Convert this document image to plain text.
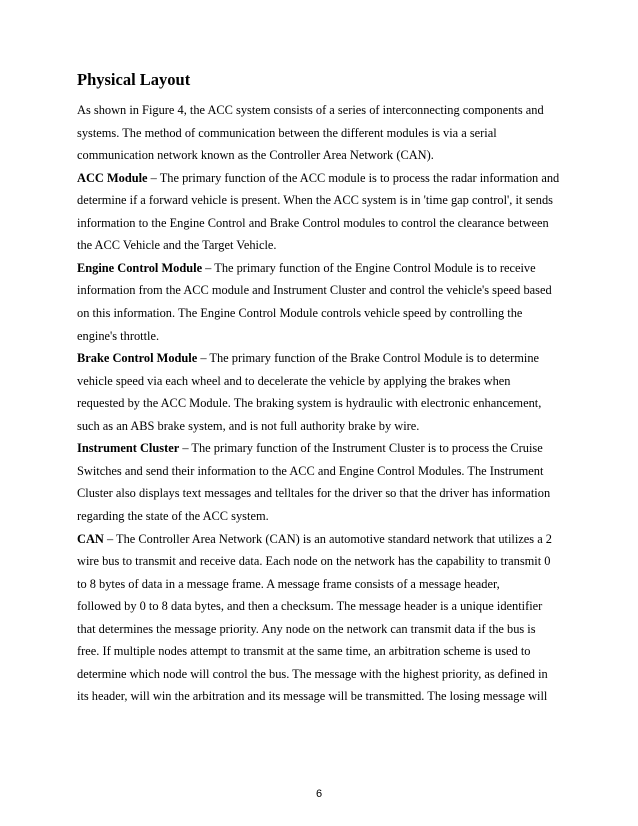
Physical Layout
As shown in Figure 4, the ACC system consists of a series of interconnecting components and
systems. The method of communication between the different modules is via a serial
communication network known as the Controller Area Network (CAN).
ACC Module – The primary function of the ACC module is to process the radar information and
determine if a forward vehicle is present. When the ACC system is in 'time gap control', it sends
information to the Engine Control and Brake Control modules to control the clearance between
the ACC Vehicle and the Target Vehicle.
Engine Control Module – The primary function of the Engine Control Module is to receive
information from the ACC module and Instrument Cluster and control the vehicle's speed based
on this information. The Engine Control Module controls vehicle speed by controlling the
engine's throttle.
Brake Control Module – The primary function of the Brake Control Module is to determine
vehicle speed via each wheel and to decelerate the vehicle by applying the brakes when
requested by the ACC Module. The braking system is hydraulic with electronic enhancement,
such as an ABS brake system, and is not full authority brake by wire.
Instrument Cluster – The primary function of the Instrument Cluster is to process the Cruise
Switches and send their information to the ACC and Engine Control Modules. The Instrument
Cluster also displays text messages and telltales for the driver so that the driver has information
regarding the state of the ACC system.
CAN – The Controller Area Network (CAN) is an automotive standard network that utilizes a 2
wire bus to transmit and receive data. Each node on the network has the capability to transmit 0
to 8 bytes of data in a message frame. A message frame consists of a message header,
followed by 0 to 8 data bytes, and then a checksum. The message header is a unique identifier
that determines the message priority. Any node on the network can transmit data if the bus is
free. If multiple nodes attempt to transmit at the same time, an arbitration scheme is used to
determine which node will control the bus. The message with the highest priority, as defined in
its header, will win the arbitration and its message will be transmitted. The losing message will
6
